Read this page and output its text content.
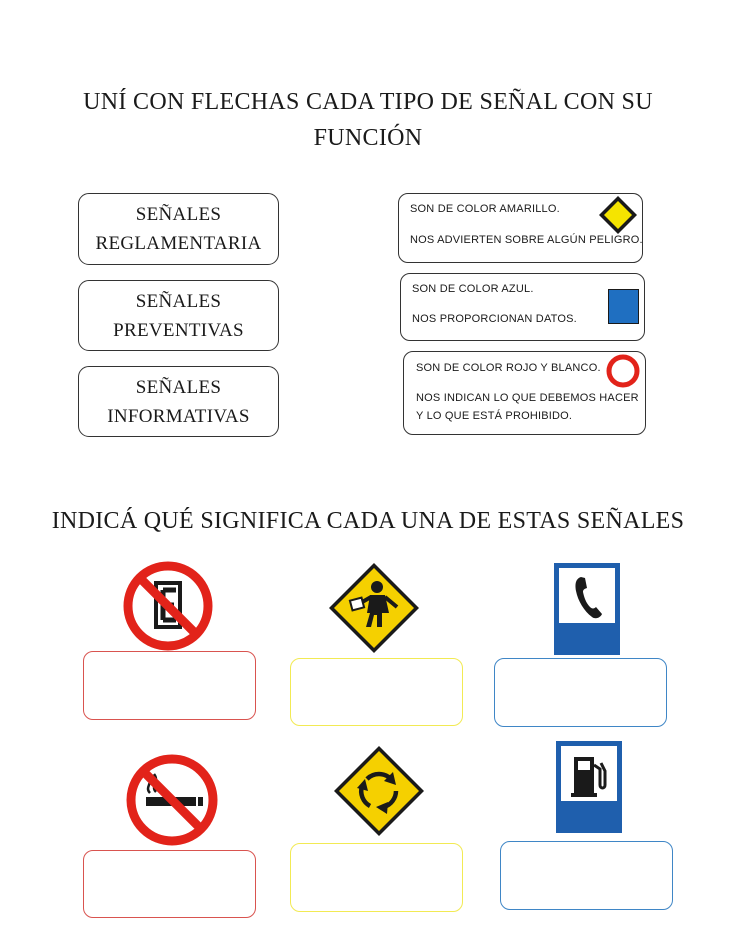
UNÍ CON FLECHAS CADA TIPO DE SEÑAL CON SU
FUNCIÓN
SEÑALES
REGLAMENTARIA
SEÑALES
PREVENTIVAS
SEÑALES
INFORMATIVAS
SON DE COLOR AMARILLO.
NOS ADVIERTEN SOBRE ALGÚN PELIGRO.
SON DE COLOR AZUL.
NOS PROPORCIONAN DATOS.
SON DE COLOR ROJO Y BLANCO.
NOS INDICAN LO QUE DEBEMOS HACER
Y LO QUE ESTÁ PROHIBIDO.
INDICÁ QUÉ SIGNIFICA CADA UNA DE ESTAS SEÑALES
